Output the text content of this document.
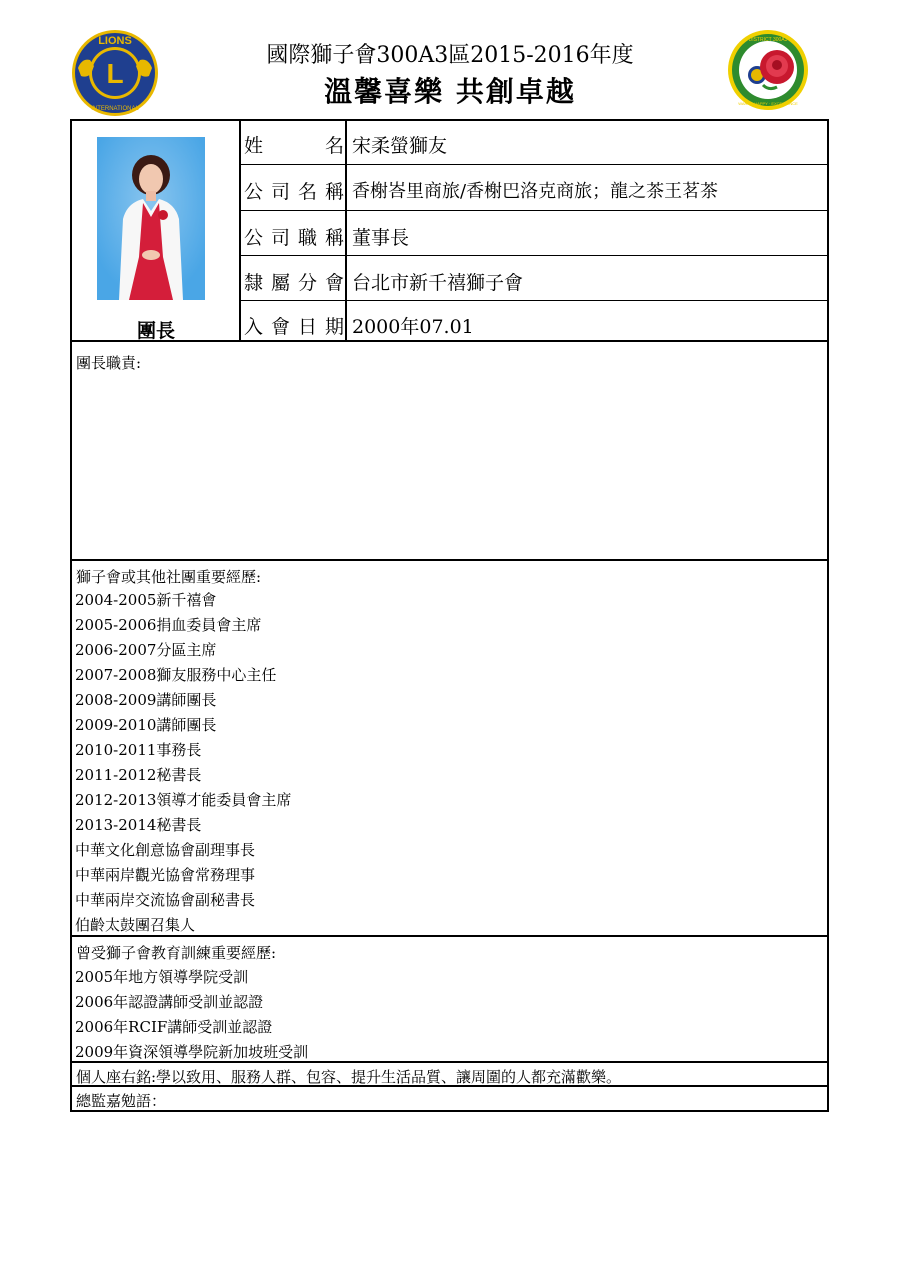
L
LIONS
INTERNATIONAL
國際獅子會300A3區2015-2016年度
溫馨喜樂 共創卓越
DISTRICT 300A3
WARM · HAPPY · EXCELLENCE
團長
姓	名
公 司 名 稱
公 司 職 稱
隸 屬 分 會
入 會 日 期
宋柔螢獅友
香榭峇里商旅/香榭巴洛克商旅；龍之茶王茗茶
董事長
台北市新千禧獅子會
2000年07.01
團長職責:
獅子會或其他社團重要經歷:
2004-2005新千禧會
2005-2006捐血委員會主席
2006-2007分區主席
2007-2008獅友服務中心主任
2008-2009講師團長
2009-2010講師團長
2010-2011事務長
2011-2012秘書長
2012-2013領導才能委員會主席
2013-2014秘書長
中華文化創意協會副理事長
中華兩岸觀光協會常務理事
中華兩岸交流協會副秘書長
伯齡太鼓團召集人
曾受獅子會教育訓練重要經歷:
2005年地方領導學院受訓
2006年認證講師受訓並認證
2006年RCIF講師受訓並認證
2009年資深領導學院新加坡班受訓
個人座右銘:學以致用、服務人群、包容、提升生活品質、讓周圍的人都充滿歡樂。
總監嘉勉語：
